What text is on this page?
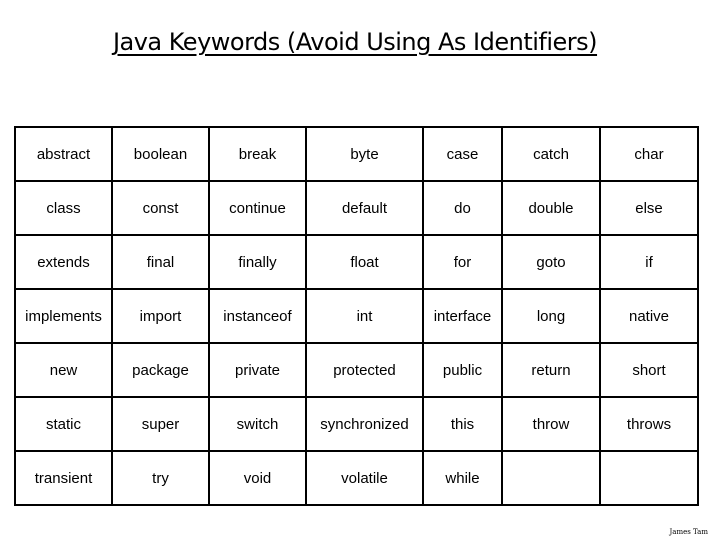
Java Keywords (Avoid Using As Identifiers)
abstract	boolean	break	byte	case	catch	char
class	const	continue	default	do	double	else
extends	final	finally	float	for	goto	if
implements	import	instanceof	int	interface	long	native
new	package	private	protected	public	return	short
static	super	switch	synchronized	this	throw	throws
transient	try	void	volatile	while		
James Tam
